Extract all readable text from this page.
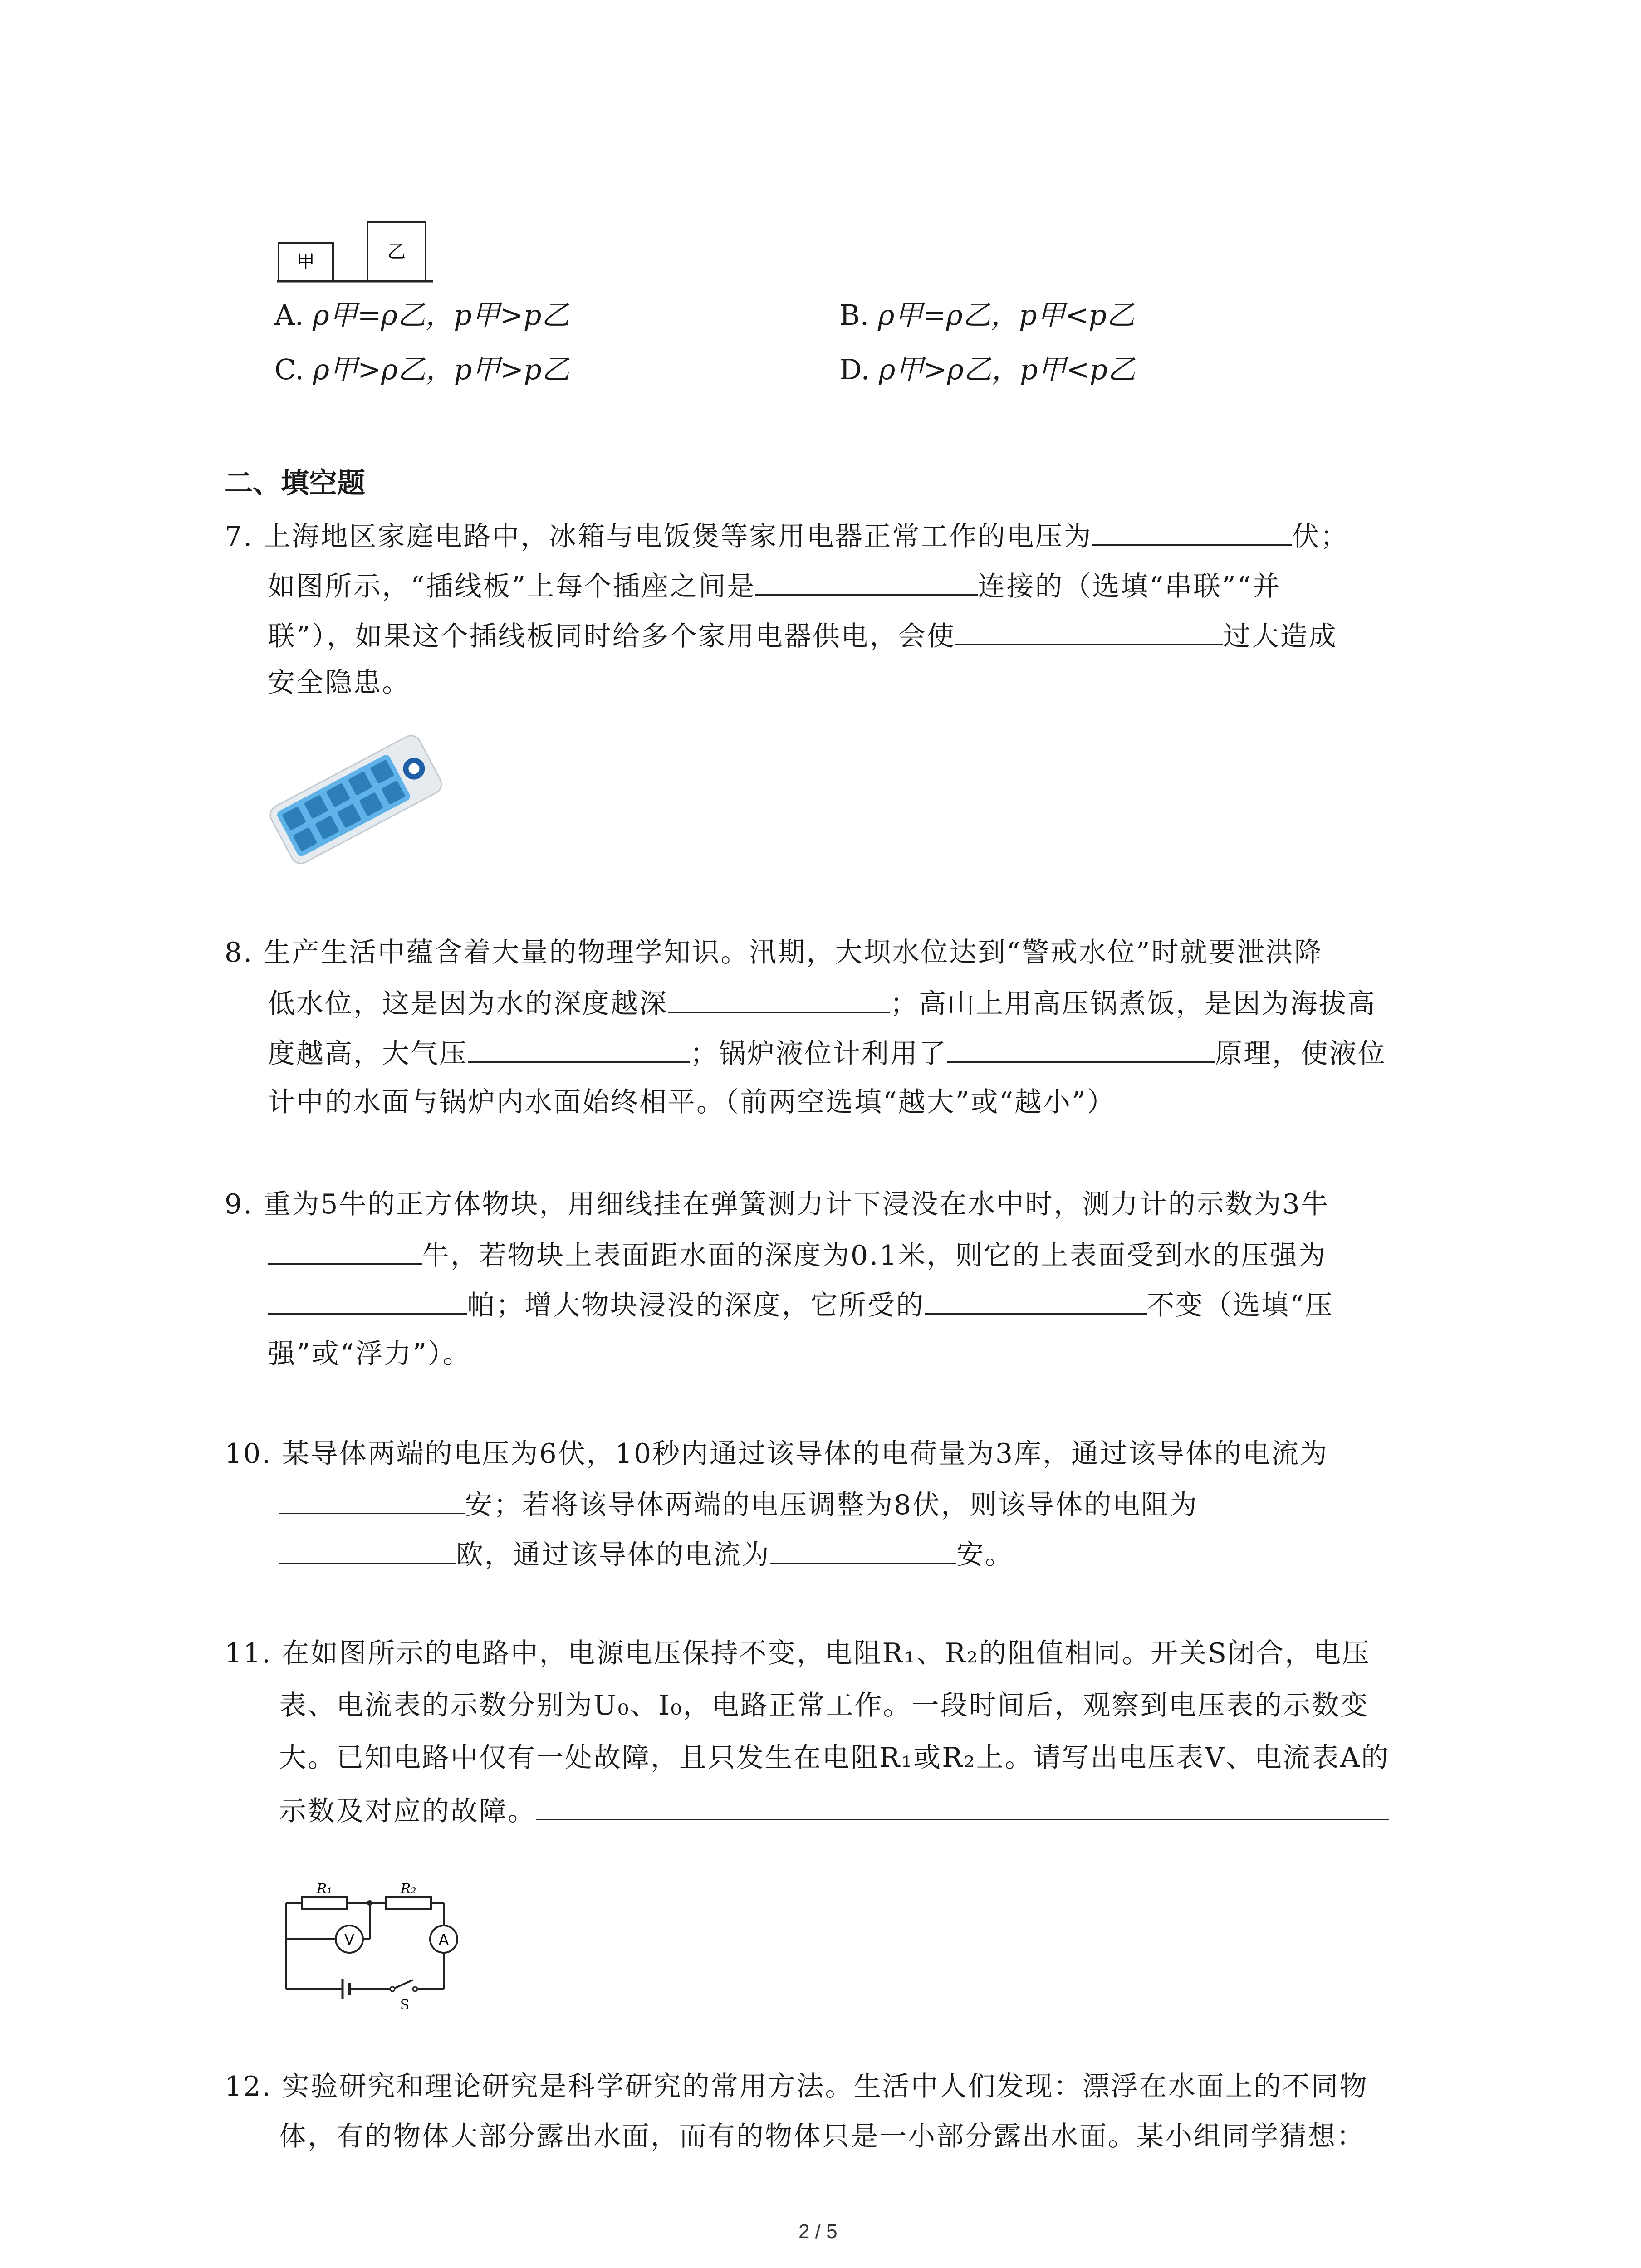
甲	乙
A. ρ甲=ρ乙，p甲>p乙	B. ρ甲=ρ乙，p甲<p乙
C. ρ甲>ρ乙，p甲>p乙	D. ρ甲>ρ乙，p甲<p乙
二、填空题
7. 上海地区家庭电路中，冰箱与电饭煲等家用电器正常工作的电压为	伏；
如图所示，“插线板”上每个插座之间是	连接的（选填“串联”“并
联”），如果这个插线板同时给多个家用电器供电，会使	过大造成
安全隐患。
8. 生产生活中蕴含着大量的物理学知识。汛期，大坝水位达到“警戒水位”时就要泄洪降
低水位，这是因为水的深度越深	；高山上用高压锅煮饭，是因为海拔高
度越高，大气压	；锅炉液位计利用了	原理，使液位
计中的水面与锅炉内水面始终相平。（前两空选填“越大”或“越小”）
9. 重为5牛的正方体物块，用细线挂在弹簧测力计下浸没在水中时，测力计的示数为3牛
牛，若物块上表面距水面的深度为0.1米，则它的上表面受到水的压强为
帕；增大物块浸没的深度，它所受的	不变（选填“压
强”或“浮力”）。
10. 某导体两端的电压为6伏，10秒内通过该导体的电荷量为3库，通过该导体的电流为
安；若将该导体两端的电压调整为8伏，则该导体的电阻为
欧，通过该导体的电流为	安。
11. 在如图所示的电路中，电源电压保持不变，电阻R₁、R₂的阻值相同。开关S闭合，电压
表、电流表的示数分别为U₀、I₀，电路正常工作。一段时间后，观察到电压表的示数变
大。已知电路中仅有一处故障，且只发生在电阻R₁或R₂上。请写出电压表V、电流表A的
示数及对应的故障。
R₁	R₂
V	A
S
12. 实验研究和理论研究是科学研究的常用方法。生活中人们发现：漂浮在水面上的不同物
体，有的物体大部分露出水面，而有的物体只是一小部分露出水面。某小组同学猜想：
2 / 5
